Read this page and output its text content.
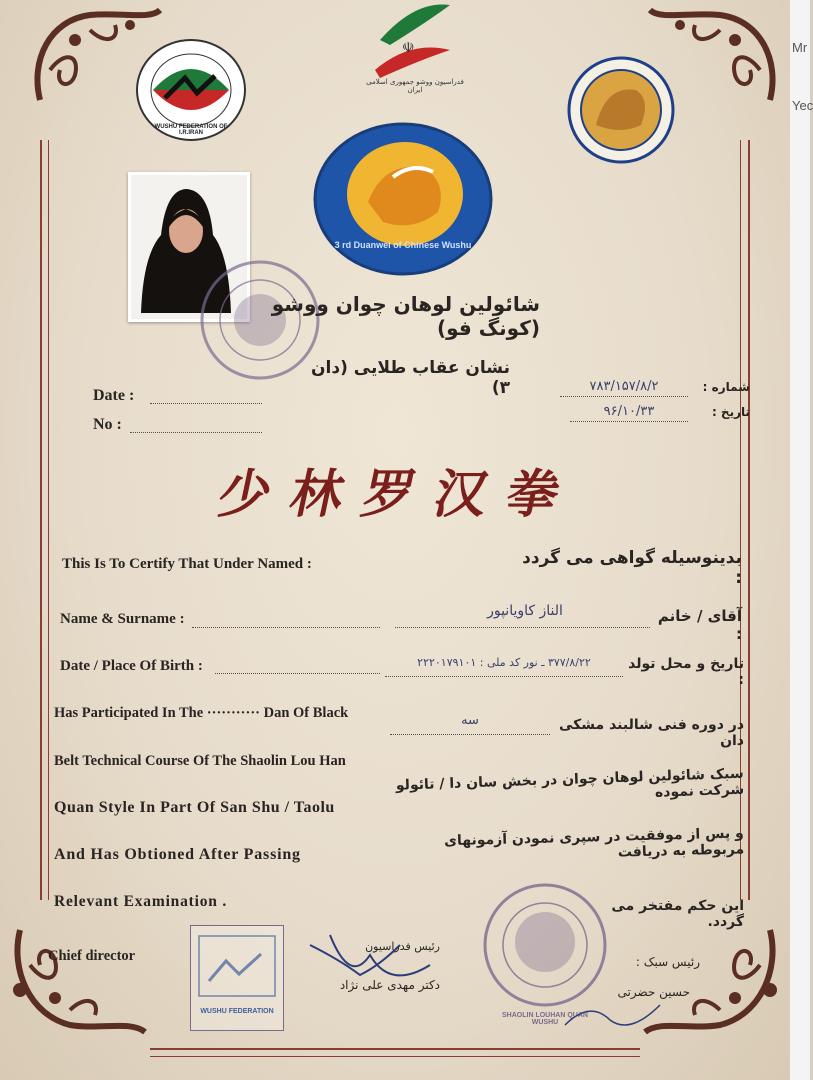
WUSHU FEDERATION OF I.R.IRAN
☫
فدراسیون ووشو جمهوری اسلامی ایران
3 rd Duanwei of Chinese Wushu
شائولین لوهان چوان ووشو (کونگ فو)
نشان عقاب طلایی (دان ۳)
Date :
No :
شماره :
۷۸۳/۱۵۷/۸/۲
تاریخ :
۹۶/۱۰/۳۳
少林罗汉拳
This Is To Certify That Under Named :	بدینوسیله گواهی می گردد :
Name & Surname :	الناز کاویانپور	آقای / خانم :
Date / Place Of Birth :	۳۷۷/۸/۲۲ ـ نور کد ملی : ۲۲۲۰۱۷۹۱۰۱	تاریخ و محل تولد :
Has Participated In The ··········· Dan Of Black
Belt Technical Course Of The Shaolin Lou Han
Quan Style In Part Of San Shu / Taolu
And Has Obtioned After Passing
Relevant Examination .
سه	در دوره فنی شالبند مشکی دان
سبک شائولین لوهان چوان در بخش سان دا / تائولو شرکت نموده
و پس از موفقیت در سپری نمودن آزمونهای مربوطه به دریافت
این حکم مفتخر می گردد.
Chief director
WUSHU FEDERATION
رئیس فدراسیون
دکتر مهدی علی نژاد
SHAOLIN LOUHAN QUAN WUSHU
رئیس سبک :
حسین حضرتی
Mr
Yec
